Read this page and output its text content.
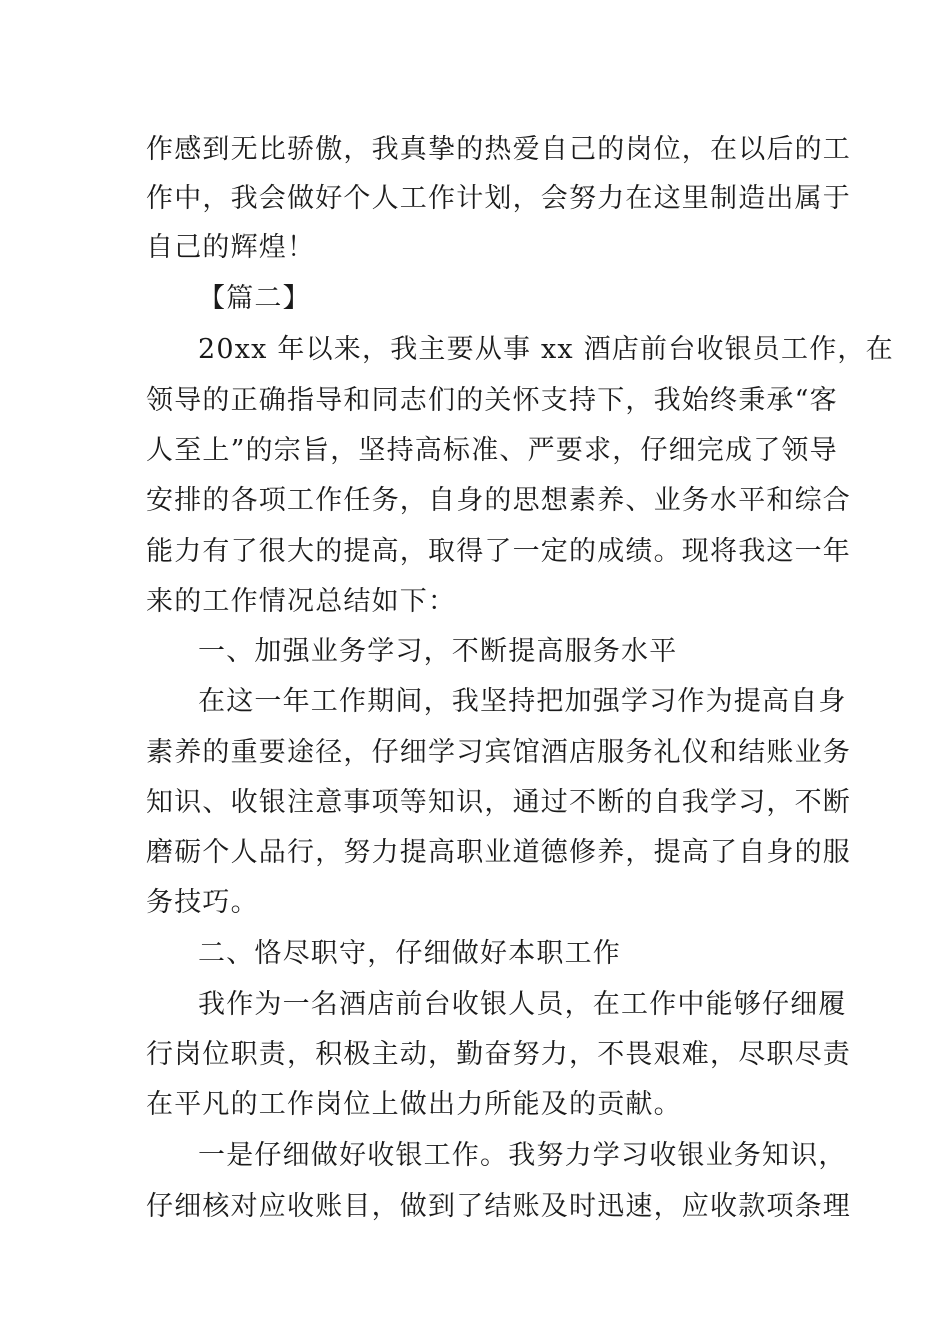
作感到无比骄傲，我真挚的热爱自己的岗位，在以后的工
作中，我会做好个人工作计划，会努力在这里制造出属于
自己的辉煌！
【篇二】
20xx 年以来，我主要从事 xx 酒店前台收银员工作，在
领导的正确指导和同志们的关怀支持下，我始终秉承“客
人至上”的宗旨，坚持高标准、严要求，仔细完成了领导
安排的各项工作任务，自身的思想素养、业务水平和综合
能力有了很大的提高，取得了一定的成绩。现将我这一年
来的工作情况总结如下：
一、加强业务学习，不断提高服务水平
在这一年工作期间，我坚持把加强学习作为提高自身
素养的重要途径，仔细学习宾馆酒店服务礼仪和结账业务
知识、收银注意事项等知识，通过不断的自我学习，不断
磨砺个人品行，努力提高职业道德修养，提高了自身的服
务技巧。
二、恪尽职守，仔细做好本职工作
我作为一名酒店前台收银人员，在工作中能够仔细履
行岗位职责，积极主动，勤奋努力，不畏艰难，尽职尽责
在平凡的工作岗位上做出力所能及的贡献。
一是仔细做好收银工作。我努力学习收银业务知识，
仔细核对应收账目，做到了结账及时迅速，应收款项条理
